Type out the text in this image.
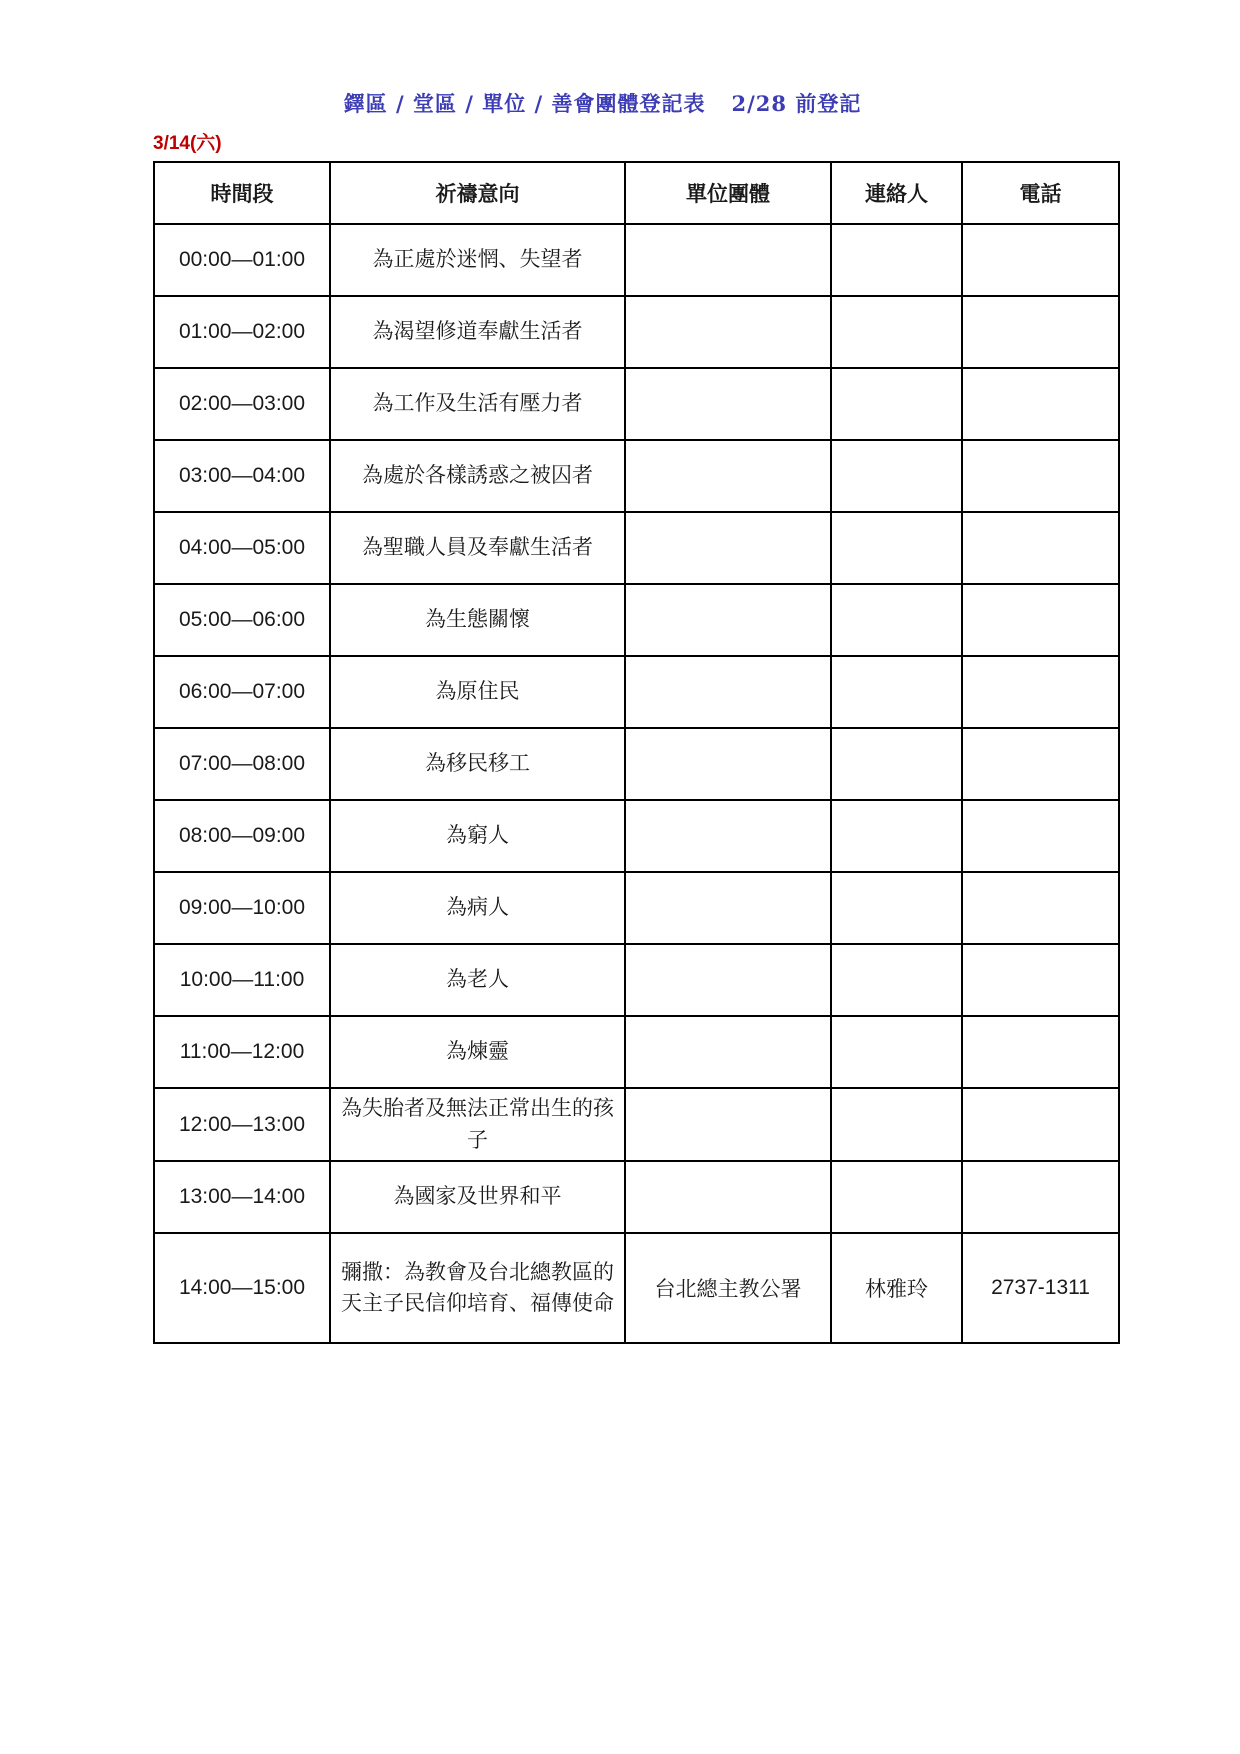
鐸區 / 堂區 / 單位 / 善會團體登記表 2/28 前登記
3/14(六)
時間段	祈禱意向	單位團體	連絡人	電話
00:00—01:00	為正處於迷惘、失望者			
01:00—02:00	為渴望修道奉獻生活者			
02:00—03:00	為工作及生活有壓力者			
03:00—04:00	為處於各樣誘惑之被囚者			
04:00—05:00	為聖職人員及奉獻生活者			
05:00—06:00	為生態關懷			
06:00—07:00	為原住民			
07:00—08:00	為移民移工			
08:00—09:00	為窮人			
09:00—10:00	為病人			
10:00—11:00	為老人			
11:00—12:00	為煉靈			
12:00—13:00	為失胎者及無法正常出生的孩子			
13:00—14:00	為國家及世界和平			
14:00—15:00	彌撒：為教會及台北總教區的天主子民信仰培育、福傳使命	台北總主教公署	林雅玲	2737-1311
